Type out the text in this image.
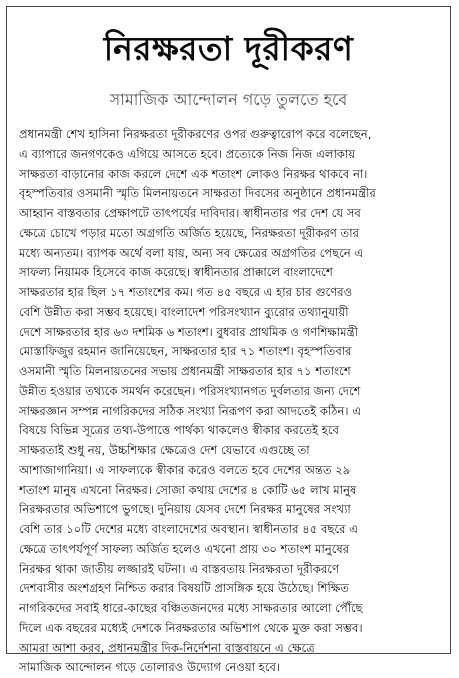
নিরক্ষরতা দূরীকরণ
সামাজিক আন্দোলন গড়ে তুলতে হবে
প্রধানমন্ত্রী শেখ হাসিনা নিরক্ষরতা দূরীকরণের ওপর গুরুত্বারোপ করে বলেছেন,
এ ব্যাপারে জনগণকেও এগিয়ে আসতে হবে। প্রত্যেকে নিজ নিজ এলাকায়
সাক্ষরতা বাড়ানোর কাজ করলে দেশে এক শতাংশ লোকও নিরক্ষর থাকবে না।
বৃহস্পতিবার ওসমানী স্মৃতি মিলনায়তনে সাক্ষরতা দিবসের অনুষ্ঠানে প্রধানমন্ত্রীর
আহ্বান বাস্তবতার প্রেক্ষাপটে তাৎপর্যের দাবিদার। স্বাধীনতার পর দেশ যে সব
ক্ষেত্রে চোখে পড়ার মতো অগ্রগতি অর্জিত হয়েছে, নিরক্ষরতা দূরীকরণ তার
মধ্যে অন্যতম। ব্যাপক অর্থে বলা যায়, অন্য সব ক্ষেত্রের অগ্রগতির পেছনে এ
সাফল্য নিয়ামক হিসেবে কাজ করেছে। স্বাধীনতার প্রাক্কালে বাংলাদেশে
সাক্ষরতার হার ছিল ১৭ শতাংশের কম। গত ৪৫ বছরে এ হার চার গুণেরও
বেশি উন্নীত করা সম্ভব হয়েছে। বাংলাদেশ পরিসংখ্যান ব্যুরোর তথ্যানুযায়ী
দেশে সাক্ষরতার হার ৬৩ দশমিক ৬ শতাংশ। বুধবার প্রাথমিক ও গণশিক্ষামন্ত্রী
মোস্তাফিজুর রহমান জানিয়েছেন, সাক্ষরতার হার ৭১ শতাংশ। বৃহস্পতিবার
ওসমানী স্মৃতি মিলনায়তনের সভায় প্রধানমন্ত্রী সাক্ষরতার হার ৭১ শতাংশে
উন্নীত হওয়ার তথ্যকে সমর্থন করেছেন। পরিসংখ্যানগত দুর্বলতার জন্য দেশে
সাক্ষরজ্ঞান সম্পন্ন নাগরিকদের সঠিক সংখ্যা নিরূপণ করা আদতেই কঠিন। এ
বিষয়ে বিভিন্ন সূত্রের তথ্য-উপাত্তে পার্থক্য থাকলেও স্বীকার করতেই হবে
সাক্ষরতাই শুধু নয়, উচ্চশিক্ষার ক্ষেত্রেও দেশ যেভাবে এগুচ্ছে তা
আশাজাগানিয়া। এ সাফল্যকে স্বীকার করেও বলতে হবে দেশের অন্তত ২৯
শতাংশ মানুষ এখনো নিরক্ষর। সোজা কথায় দেশের ৪ কোটি ৬৫ লাখ মানুষ
নিরক্ষরতার অভিশাপে ভুগছে। দুনিয়ায় যেসব দেশে নিরক্ষর মানুষের সংখ্যা
বেশি তার ১০টি দেশের মধ্যে বাংলাদেশের অবস্থান। স্বাধীনতার ৪৫ বছরে এ
ক্ষেত্রে তাৎপর্যপূর্ণ সাফল্য অর্জিত হলেও এখনো প্রায় ৩০ শতাংশ মানুষের
নিরক্ষর থাকা জাতীয় লজ্জারই ঘটনা। এ বাস্তবতায় নিরক্ষরতা দূরীকরণে
দেশবাসীর অংশগ্রহণ নিশ্চিত করার বিষয়টি প্রাসঙ্গিক হয়ে উঠেছে। শিক্ষিত
নাগরিকদের সবাই ধারে-কাছের বঞ্চিতজনদের মধ্যে সাক্ষরতার আলো পৌঁছে
দিলে এক বছরের মধ্যেই দেশকে নিরক্ষরতার অভিশাপ থেকে মুক্ত করা সম্ভব।
আমরা আশা করব, প্রধানমন্ত্রীর দিক-নির্দেশনা বাস্তবায়নে এ ক্ষেত্রে
সামাজিক আন্দোলন গড়ে তোলারও উদ্যোগ নেওয়া হবে।
